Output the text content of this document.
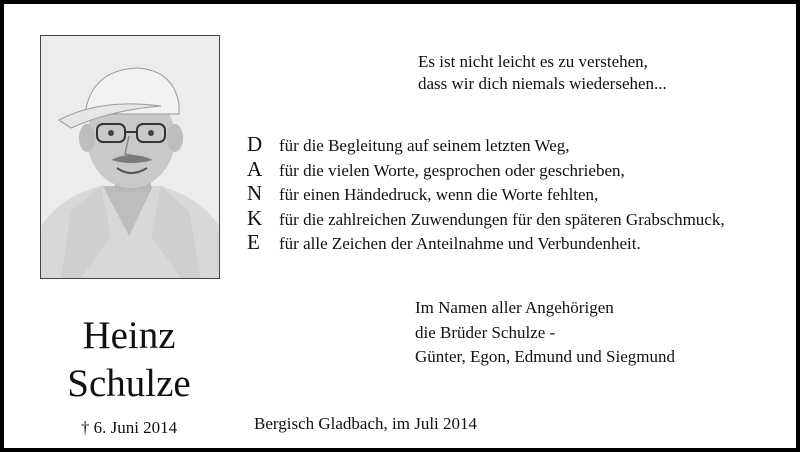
Es ist nicht leicht es zu verstehen,
dass wir dich niemals wiedersehen...
D für die Begleitung auf seinem letzten Weg,
A für die vielen Worte, gesprochen oder geschrieben,
N für einen Händedruck, wenn die Worte fehlten,
K für die zahlreichen Zuwendungen für den späteren Grabschmuck,
E	für alle Zeichen der Anteilnahme und Verbundenheit.
Im Namen aller Angehörigen
die Brüder Schulze -
Günter, Egon, Edmund und Siegmund
Heinz
Schulze
† 6. Juni 2014	Bergisch Gladbach, im Juli 2014
